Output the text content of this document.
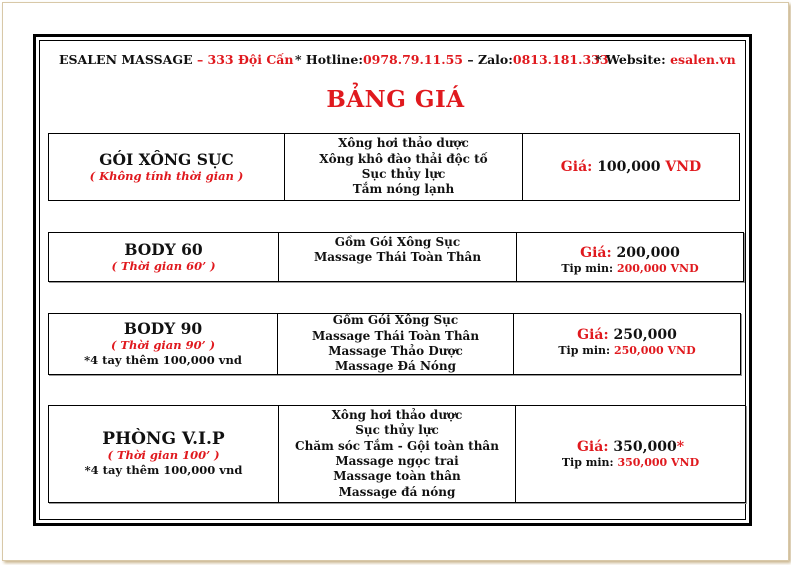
ESALEN MASSAGE – 333 Đội Cấn * Hotline:0978.79.11.55 – Zalo:0813.181.333
* Website: esalen.vn
BẢNG GIÁ
GÓI XÔNG SỤC
( Không tính thời gian )
Xông hơi thảo dược
Xông khô đào thải độc tố
Sục thủy lực
Tắm nóng lạnh
Giá: 100,000 VND
BODY 60
( Thời gian 60’ )
Gồm Gói Xông Sục
Massage Thái Toàn Thân	Giá: 200,000
Tip min: 200,000 VND
BODY 90
( Thời gian 90’ )
*4 tay thêm 100,000 vnd
Gồm Gói Xông Sục
Massage Thái Toàn Thân
Massage Thảo Dược
Massage Đá Nóng
Giá: 250,000
Tip min: 250,000 VND
PHÒNG V.I.P
( Thời gian 100’ )
*4 tay thêm 100,000 vnd
Xông hơi thảo dược
Sục thủy lực
Chăm sóc Tắm - Gội toàn thân
Massage ngọc trai
Massage toàn thân
Massage đá nóng
Giá: 350,000*
Tip min: 350,000 VND
